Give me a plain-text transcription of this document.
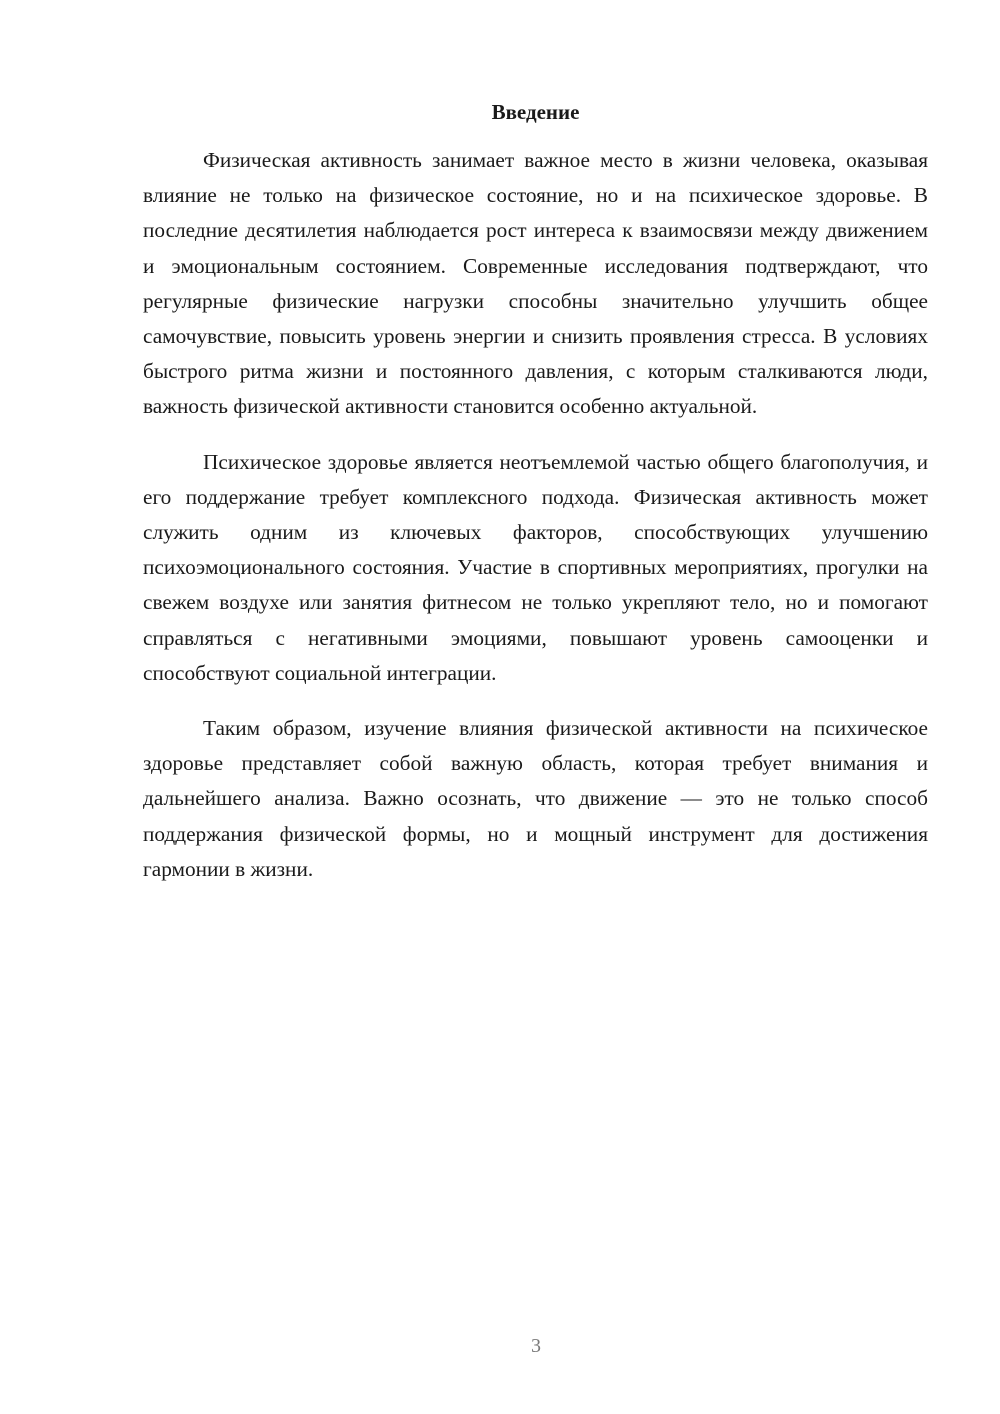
Введение

Физическая активность занимает важное место в жизни человека, оказывая влияние не только на физическое состояние, но и на психическое здоровье. В последние десятилетия наблюдается рост интереса к взаимосвязи между движением и эмоциональным состоянием. Современные исследования подтверждают, что регулярные физические нагрузки способны значительно улучшить общее самочувствие, повысить уровень энергии и снизить проявления стресса. В условиях быстрого ритма жизни и постоянного давления, с которым сталкиваются люди, важность физической активности становится особенно актуальной.

Психическое здоровье является неотъемлемой частью общего благополучия, и его поддержание требует комплексного подхода. Физическая активность может служить одним из ключевых факторов, способствующих улучшению психоэмоционального состояния. Участие в спортивных мероприятиях, прогулки на свежем воздухе или занятия фитнесом не только укрепляют тело, но и помогают справляться с негативными эмоциями, повышают уровень самооценки и способствуют социальной интеграции.

Таким образом, изучение влияния физической активности на психическое здоровье представляет собой важную область, которая требует внимания и дальнейшего анализа. Важно осознать, что движение — это не только способ поддержания физической формы, но и мощный инструмент для достижения гармонии в жизни.

3
